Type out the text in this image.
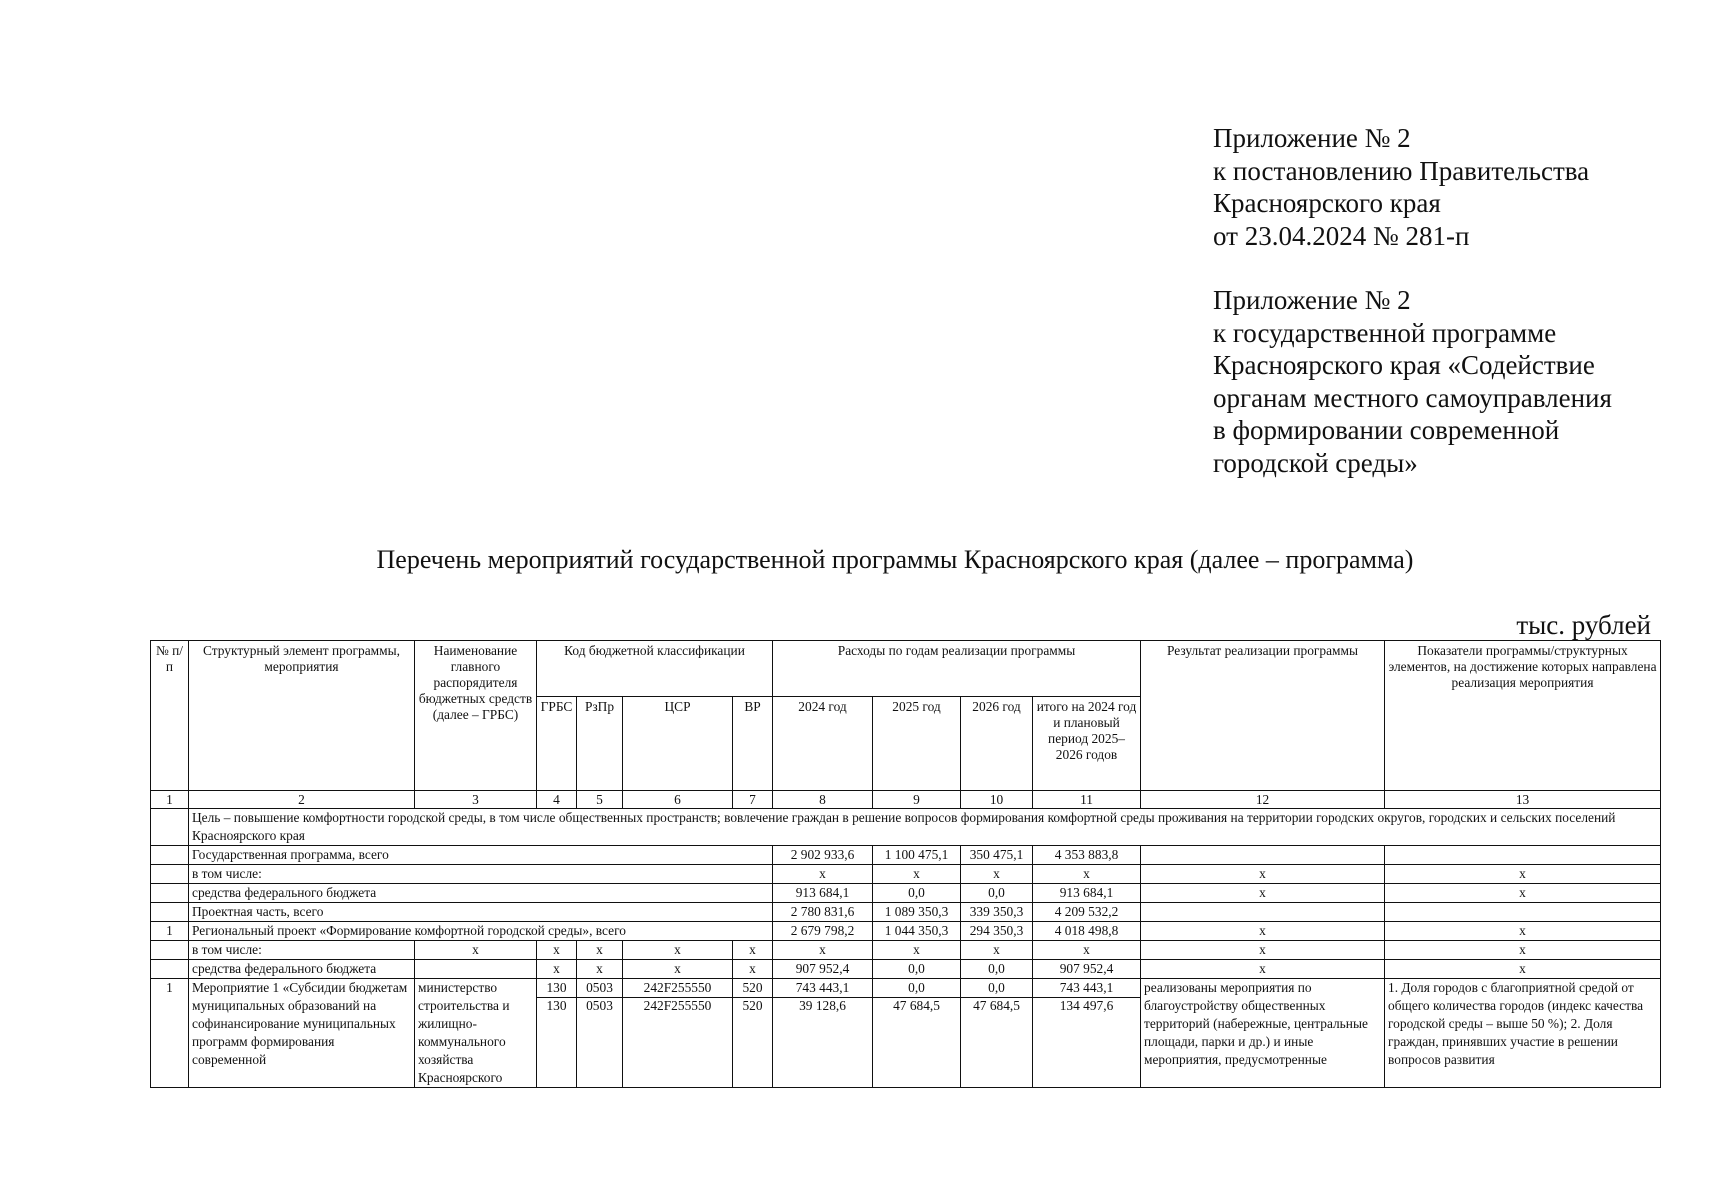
Приложение № 2
к постановлению Правительства
Красноярского края
от 23.04.2024 № 281-п
Приложение № 2
к государственной программе
Красноярского края «Содействие
органам местного самоуправления
в формировании современной
городской среды»
Перечень мероприятий государственной программы Красноярского края (далее – программа)
тыс. рублей
№ п/п	Структурный элемент программы, мероприятия	Наименование главного распорядителя бюджетных средств (далее – ГРБС)	Код бюджетной классификации				Расходы по годам реализации программы				Результат реализации программы	Показатели программы/структурных элементов, на достижение которых направлена реализация мероприятия
			ГРБС	РзПр	ЦСР	ВР	2024 год	2025 год	2026 год	итого на 2024 год и плановый период 2025–2026 годов		
1	2	3	4	5	6	7	8	9	10	11	12	13
	Цель – повышение комфортности городской среды, в том числе общественных пространств; вовлечение граждан в решение вопросов формирования комфортной среды проживания на территории городских округов, городских и сельских поселений Красноярского края											
	Государственная программа, всего						2 902 933,6	1 100 475,1	350 475,1	4 353 883,8		
	в том числе:						x	x	x	x	x	x
	средства федерального бюджета						913 684,1	0,0	0,0	913 684,1	x	x
	Проектная часть, всего						2 780 831,6	1 089 350,3	339 350,3	4 209 532,2		
1	Региональный проект «Формирование комфортной городской среды», всего						2 679 798,2	1 044 350,3	294 350,3	4 018 498,8	x	x
	в том числе:	x	x	x	x	x	x	x	x	x	x	x
	средства федерального бюджета		x	x	x	x	907 952,4	0,0	0,0	907 952,4	x	x
1	Мероприятие 1 «Субсидии бюджетам муниципальных образований на софинансирование муниципальных программ формирования современной	министерство строительства и жилищно-коммунального хозяйства Красноярского	130	0503	242F255550	520	743 443,1	0,0	0,0	743 443,1	реализованы мероприятия по благоустройству общественных территорий (набережные, центральные площади, парки и др.) и иные мероприятия, предусмотренные	1. Доля городов с благоприятной средой от общего количества городов (индекс качества городской среды – выше 50 %); 2. Доля граждан, принявших участие в решении вопросов развития
			130	0503	242F255550	520	39 128,6	47 684,5	47 684,5	134 497,6		
